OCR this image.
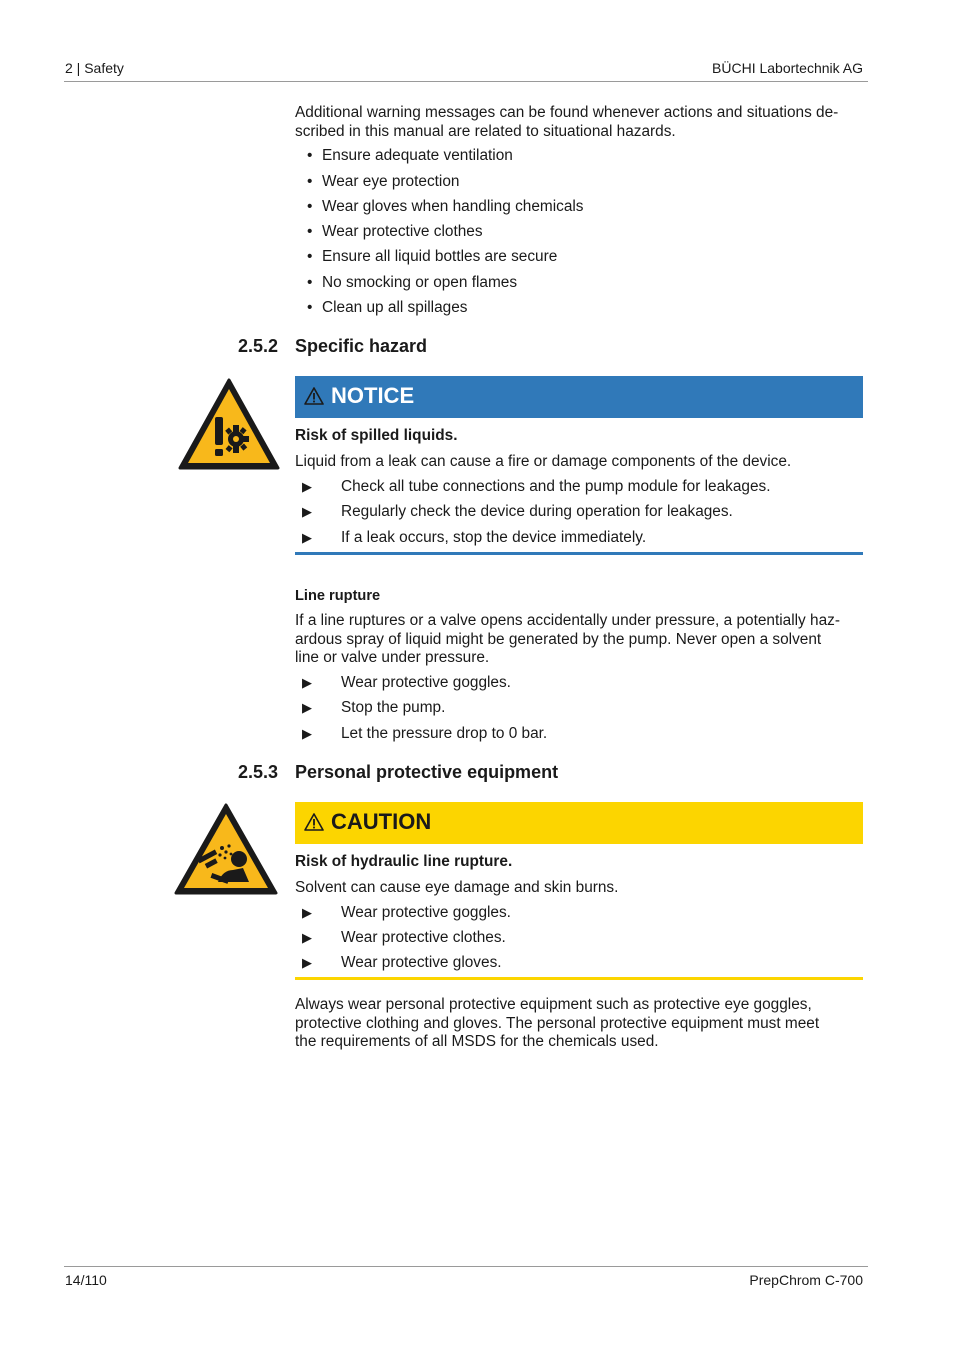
2 | Safety	BÜCHI Labortechnik AG
Additional warning messages can be found whenever actions and situations de-
scribed in this manual are related to situational hazards.
• Ensure adequate ventilation
• Wear eye protection
• Wear gloves when handling chemicals
• Wear protective clothes
• Ensure all liquid bottles are secure
• No smocking or open flames
• Clean up all spillages
2.5.2 Specific hazard
NOTICE
Risk of spilled liquids.
Liquid from a leak can cause a fire or damage components of the device.
▶ Check all tube connections and the pump module for leakages.
▶ Regularly check the device during operation for leakages.
▶ If a leak occurs, stop the device immediately.
Line rupture
If a line ruptures or a valve opens accidentally under pressure, a potentially haz-
ardous spray of liquid might be generated by the pump. Never open a solvent
line or valve under pressure.
▶ Wear protective goggles.
▶ Stop the pump.
▶ Let the pressure drop to 0 bar.
2.5.3 Personal protective equipment
CAUTION
Risk of hydraulic line rupture.
Solvent can cause eye damage and skin burns.
▶ Wear protective goggles.
▶ Wear protective clothes.
▶ Wear protective gloves.
Always wear personal protective equipment such as protective eye goggles,
protective clothing and gloves. The personal protective equipment must meet
the requirements of all MSDS for the chemicals used.
14/110	PrepChrom C-700
